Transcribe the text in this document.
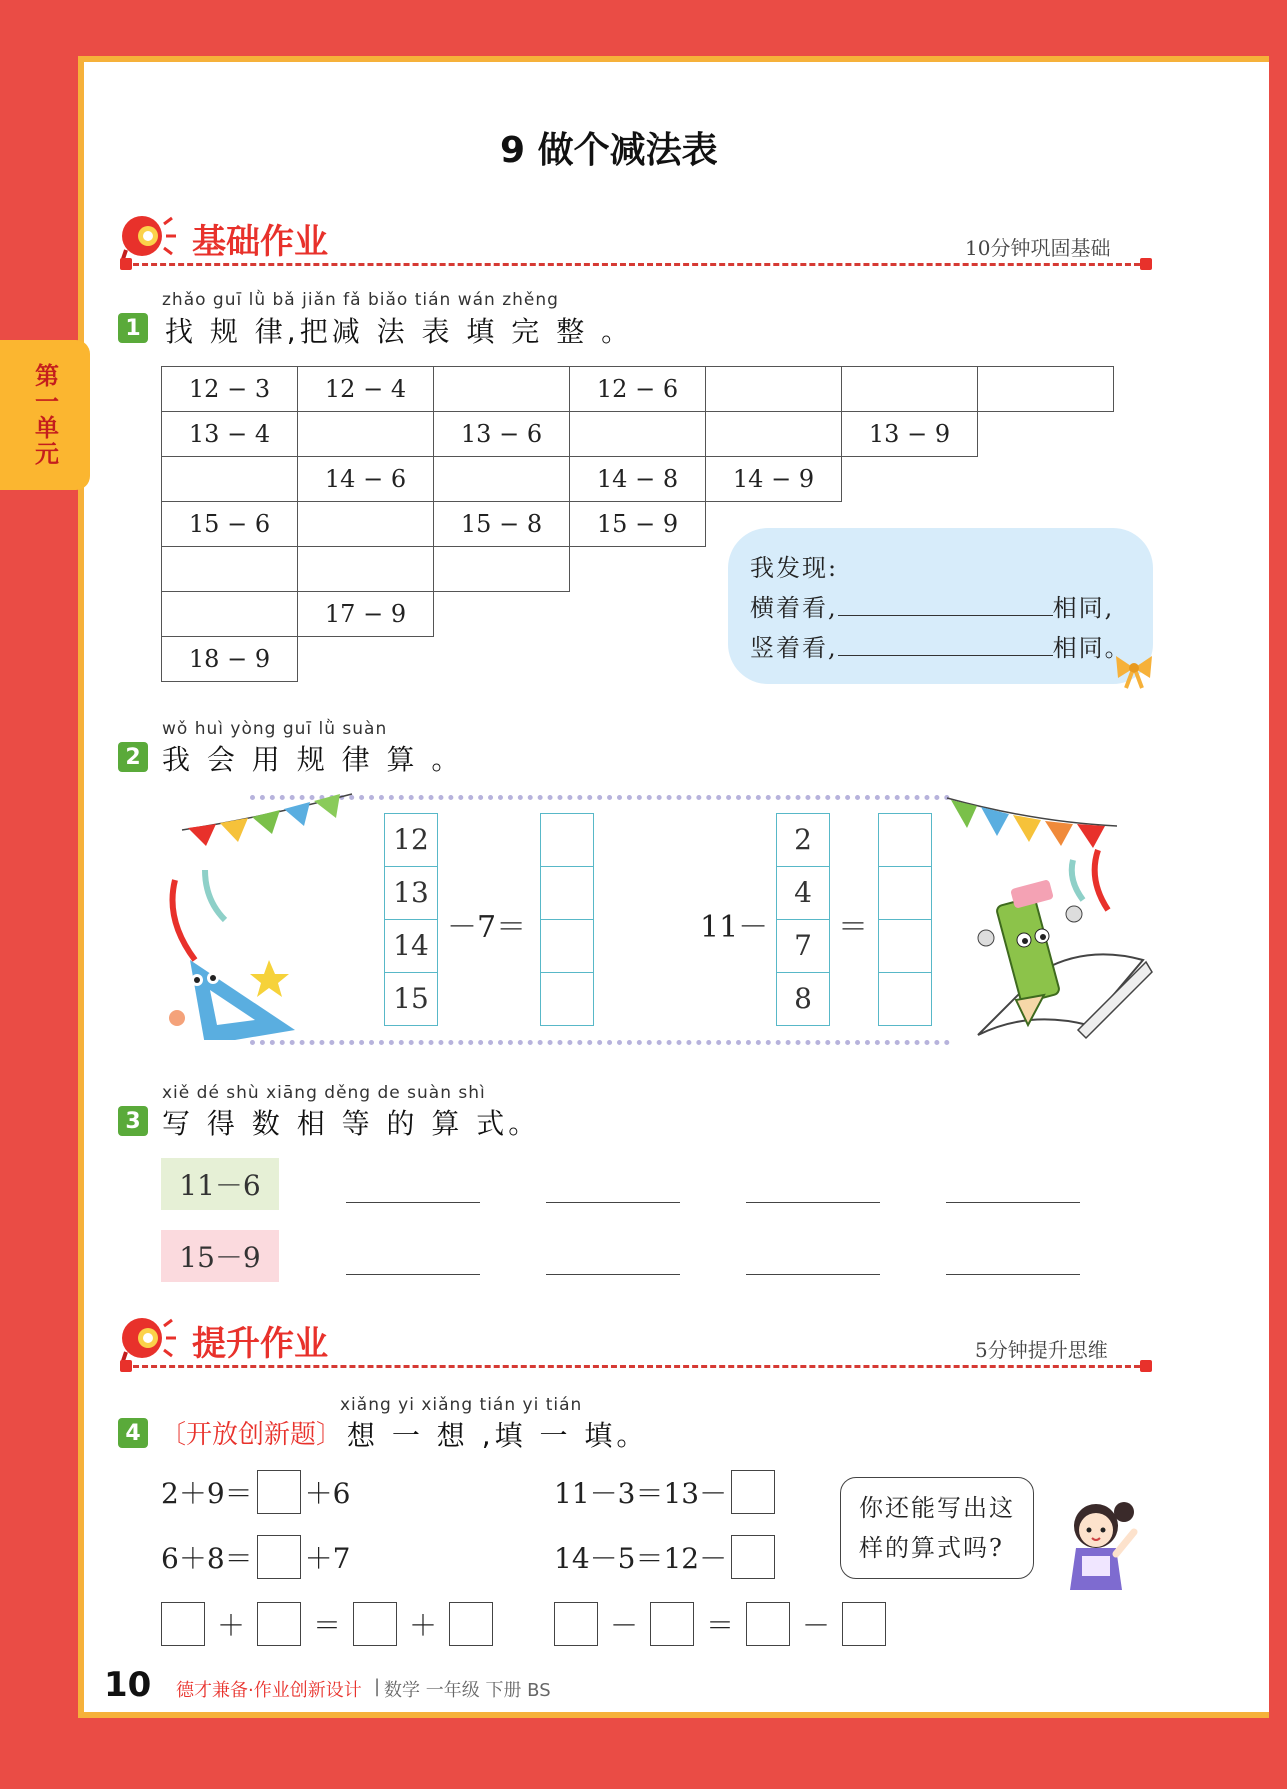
第一单元
9 做个减法表
基础作业	10分钟巩固基础
zhǎo guī lǜ bǎ jiǎn fǎ biǎo tián wán zhěng
1 找 规 律,把减 法 表 填 完 整 。
12 − 3	12 − 4		12 − 6			
13 − 4		13 − 6			13 − 9	
	14 − 6		14 − 8	14 − 9		
15 − 6		15 − 8	15 − 9			

	17 − 9					
18 − 9						
我发现:
横着看,	相同,
竖着看,	相同。
wǒ huì yòng guī lǜ suàn
2 我 会 用 规 律 算 。
12
13
14
15
－7＝	11－
2
4
7
8
＝
xiě dé shù xiāng děng de suàn shì
3 写 得 数 相 等 的 算 式。
11－6
15－9
提升作业	5分钟提升思维
xiǎng yi xiǎng tián yi tián
4 〔开放创新题〕 想 一 想 ,填 一 填。
2＋9＝ ＋6
6＋8＝ ＋7
11－3＝13－
14－5＝12－
＋ ＝ ＋	－ ＝ －
你还能写出这
样的算式吗?
10 德才兼备·作业创新设计 | 数学 一年级 下册 BS
